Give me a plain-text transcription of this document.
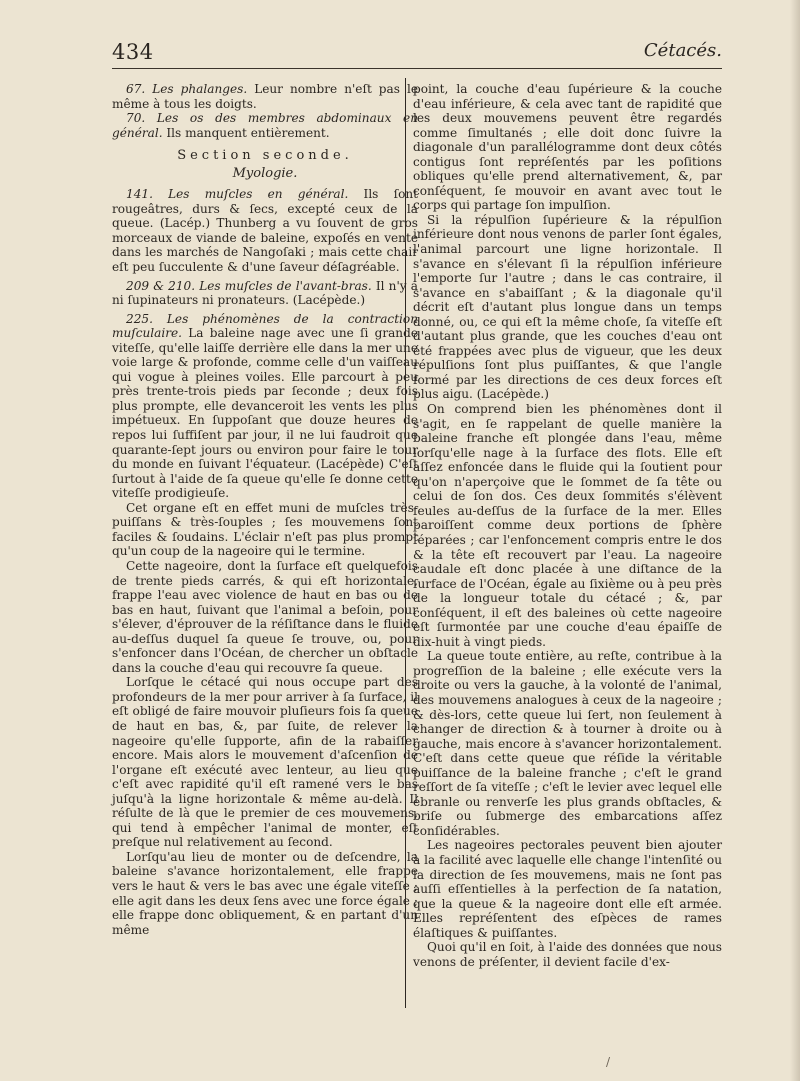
434	Cétacés.

67. Les phalanges. Leur nombre n'eſt pas le même à tous les doigts.

70. Les os des membres abdominaux en général. Ils manquent entièrement.

Section seconde.
Myologie.

141. Les muſcles en général. Ils ſont rougeâtres, durs & ſecs, excepté ceux de la queue. (Lacép.) Thunberg a vu ſouvent de gros morceaux de viande de baleine, expoſés en vente dans les marchés de Nangoſaki ; mais cette chair eſt peu ſucculente & d'une ſaveur déſagréable.

209 & 210. Les muſcles de l'avant-bras. Il n'y a ni ſupinateurs ni pronateurs. (Lacépède.)

225. Les phénomènes de la contraction muſculaire. La baleine nage avec une ſi grande viteſſe, qu'elle laiſſe derrière elle dans la mer une voie large & profonde, comme celle d'un vaiſſeau qui vogue à pleines voiles. Elle parcourt à peu près trente-trois pieds par ſeconde ; deux fois plus prompte, elle devanceroit les vents les plus impétueux. En ſuppoſant que douze heures de repos lui ſuffiſent par jour, il ne lui faudroit que quarante-ſept jours ou environ pour faire le tour du monde en ſuivant l'équateur. (Lacépède) C'eſt ſurtout à l'aide de ſa queue qu'elle ſe donne cette viteſſe prodigieuſe.

Cet organe eſt en effet muni de muſcles très-puiſſans & très-ſouples ; ſes mouvemens ſont faciles & ſoudains. L'éclair n'eſt pas plus prompt qu'un coup de la nageoire qui le termine.

Cette nageoire, dont la ſurface eſt quelquefois de trente pieds carrés, & qui eſt horizontale, frappe l'eau avec violence de haut en bas ou de bas en haut, ſuivant que l'animal a beſoin, pour s'élever, d'éprouver de la réſiſtance dans le fluide au-deſſus duquel ſa queue ſe trouve, ou, pour s'enfoncer dans l'Océan, de chercher un obſtacle dans la couche d'eau qui recouvre ſa queue.

Lorſque le cétacé qui nous occupe part des profondeurs de la mer pour arriver à ſa ſurface, il eſt obligé de faire mouvoir pluſieurs fois ſa queue de haut en bas, &, par ſuite, de relever la nageoire qu'elle ſupporte, afin de la rabaiſſer encore. Mais alors le mouvement d'aſcenſion de l'organe eſt exécuté avec lenteur, au lieu que c'eſt avec rapidité qu'il eſt ramené vers le bas juſqu'à la ligne horizontale & même au-delà. Il réſulte de là que le premier de ces mouvemens, qui tend à empêcher l'animal de monter, eſt preſque nul relativement au ſecond.

Lorſqu'au lieu de monter ou de deſcendre, la baleine s'avance horizontalement, elle frappe vers le haut & vers le bas avec une égale viteſſe ; elle agit dans les deux ſens avec une force égale ; elle frappe donc obliquement, & en partant d'un même

point, la couche d'eau ſupérieure & la couche d'eau inférieure, & cela avec tant de rapidité que les deux mouvemens peuvent être regardés comme ſimultanés ; elle doit donc ſuivre la diagonale d'un parallélogramme dont deux côtés contigus ſont repréſentés par les poſitions obliques qu'elle prend alternativement, &, par conſéquent, ſe mouvoir en avant avec tout le corps qui partage ſon impulſion.

Si la répulſion ſupérieure & la répulſion inférieure dont nous venons de parler ſont égales, l'animal parcourt une ligne horizontale. Il s'avance en s'élevant ſi la répulſion inférieure l'emporte ſur l'autre ; dans le cas contraire, il s'avance en s'abaiſſant ; & la diagonale qu'il décrit eſt d'autant plus longue dans un temps donné, ou, ce qui eſt la même choſe, ſa viteſſe eſt d'autant plus grande, que les couches d'eau ont été frappées avec plus de vigueur, que les deux répulſions ſont plus puiſſantes, & que l'angle formé par les directions de ces deux forces eſt plus aigu. (Lacépède.)

On comprend bien les phénomènes dont il s'agit, en ſe rappelant de quelle manière la baleine franche eſt plongée dans l'eau, même lorſqu'elle nage à la ſurface des flots. Elle eſt aſſez enfoncée dans le fluide qui la ſoutient pour qu'on n'aperçoive que le ſommet de ſa tête ou celui de ſon dos. Ces deux ſommités s'élèvent ſeules au-deſſus de la ſurface de la mer. Elles paroiſſent comme deux portions de ſphère ſéparées ; car l'enfoncement compris entre le dos & la tête eſt recouvert par l'eau. La nageoire caudale eſt donc placée à une diſtance de la ſurface de l'Océan, égale au ſixième ou à peu près de la longueur totale du cétacé ; &, par conſéquent, il eſt des baleines où cette nageoire eſt ſurmontée par une couche d'eau épaiſſe de dix-huit à vingt pieds.

La queue toute entière, au reſte, contribue à la progreſſion de la baleine ; elle exécute vers la droite ou vers la gauche, à la volonté de l'animal, des mouvemens analogues à ceux de la nageoire ; & dès-lors, cette queue lui ſert, non ſeulement à changer de direction & à tourner à droite ou à gauche, mais encore à s'avancer horizontalement. C'eſt dans cette queue que réſide la véritable puiſſance de la baleine franche ; c'eſt le grand reſſort de ſa viteſſe ; c'eſt le levier avec lequel elle ébranle ou renverſe les plus grands obſtacles, & briſe ou ſubmerge des embarcations aſſez conſidérables.

Les nageoires pectorales peuvent bien ajouter à la facilité avec laquelle elle change l'intenſité ou la direction de ſes mouvemens, mais ne ſont pas auſſi eſſentielles à la perfection de ſa natation, que la queue & la nageoire dont elle eſt armée. Elles repréſentent des eſpèces de rames élaſtiques & puiſſantes.

Quoi qu'il en ſoit, à l'aide des données que nous venons de préſenter, il devient facile d'ex-

/
